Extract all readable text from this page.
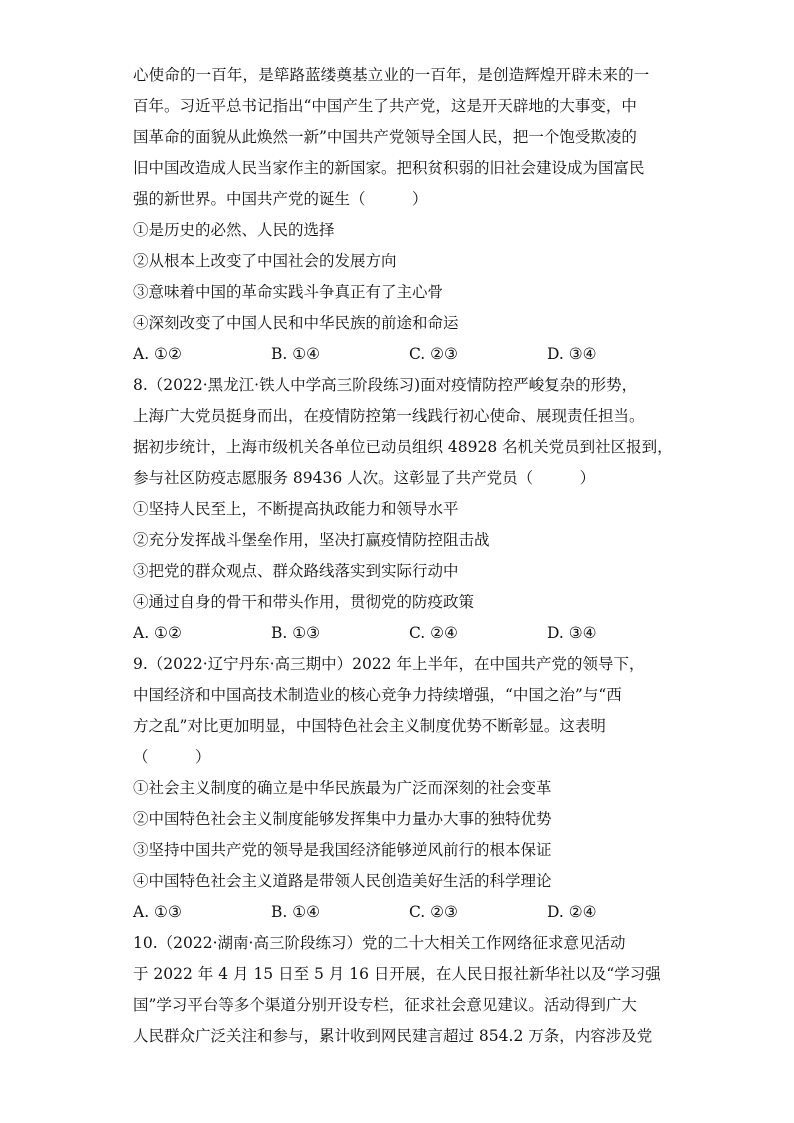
心使命的一百年，是筚路蓝缕奠基立业的一百年，是创造辉煌开辟未来的一
百年。习近平总书记指出“中国产生了共产党，这是开天辟地的大事变，中
国革命的面貌从此焕然一新”中国共产党领导全国人民，把一个饱受欺凌的
旧中国改造成人民当家作主的新国家。把积贫积弱的旧社会建设成为国富民
强的新世界。中国共产党的诞生（　　　）
①是历史的必然、人民的选择
②从根本上改变了中国社会的发展方向
③意味着中国的革命实践斗争真正有了主心骨
④深刻改变了中国人民和中华民族的前途和命运
A. ①②	B. ①④	C. ②③	D. ③④
8.（2022·黑龙江·铁人中学高三阶段练习)面对疫情防控严峻复杂的形势，
上海广大党员挺身而出，在疫情防控第一线践行初心使命、展现责任担当。
据初步统计，上海市级机关各单位已动员组织 48928 名机关党员到社区报到，
参与社区防疫志愿服务 89436 人次。这彰显了共产党员（　　　）
①坚持人民至上，不断提高执政能力和领导水平
②充分发挥战斗堡垒作用，坚决打赢疫情防控阻击战
③把党的群众观点、群众路线落实到实际行动中
④通过自身的骨干和带头作用，贯彻党的防疫政策
A. ①②	B. ①③	C. ②④	D. ③④
9.（2022·辽宁丹东·高三期中）2022 年上半年，在中国共产党的领导下，
中国经济和中国高技术制造业的核心竞争力持续增强，“中国之治”与“西
方之乱”对比更加明显，中国特色社会主义制度优势不断彰显。这表明
（　　　）
①社会主义制度的确立是中华民族最为广泛而深刻的社会变革
②中国特色社会主义制度能够发挥集中力量办大事的独特优势
③坚持中国共产党的领导是我国经济能够逆风前行的根本保证
④中国特色社会主义道路是带领人民创造美好生活的科学理论
A. ①③	B. ①④	C. ②③	D. ②④
10.（2022·湖南·高三阶段练习）党的二十大相关工作网络征求意见活动
于 2022 年 4 月 15 日至 5 月 16 日开展，在人民日报社新华社以及“学习强
国”学习平台等多个渠道分别开设专栏，征求社会意见建议。活动得到广大
人民群众广泛关注和参与，累计收到网民建言超过 854.2 万条，内容涉及党
